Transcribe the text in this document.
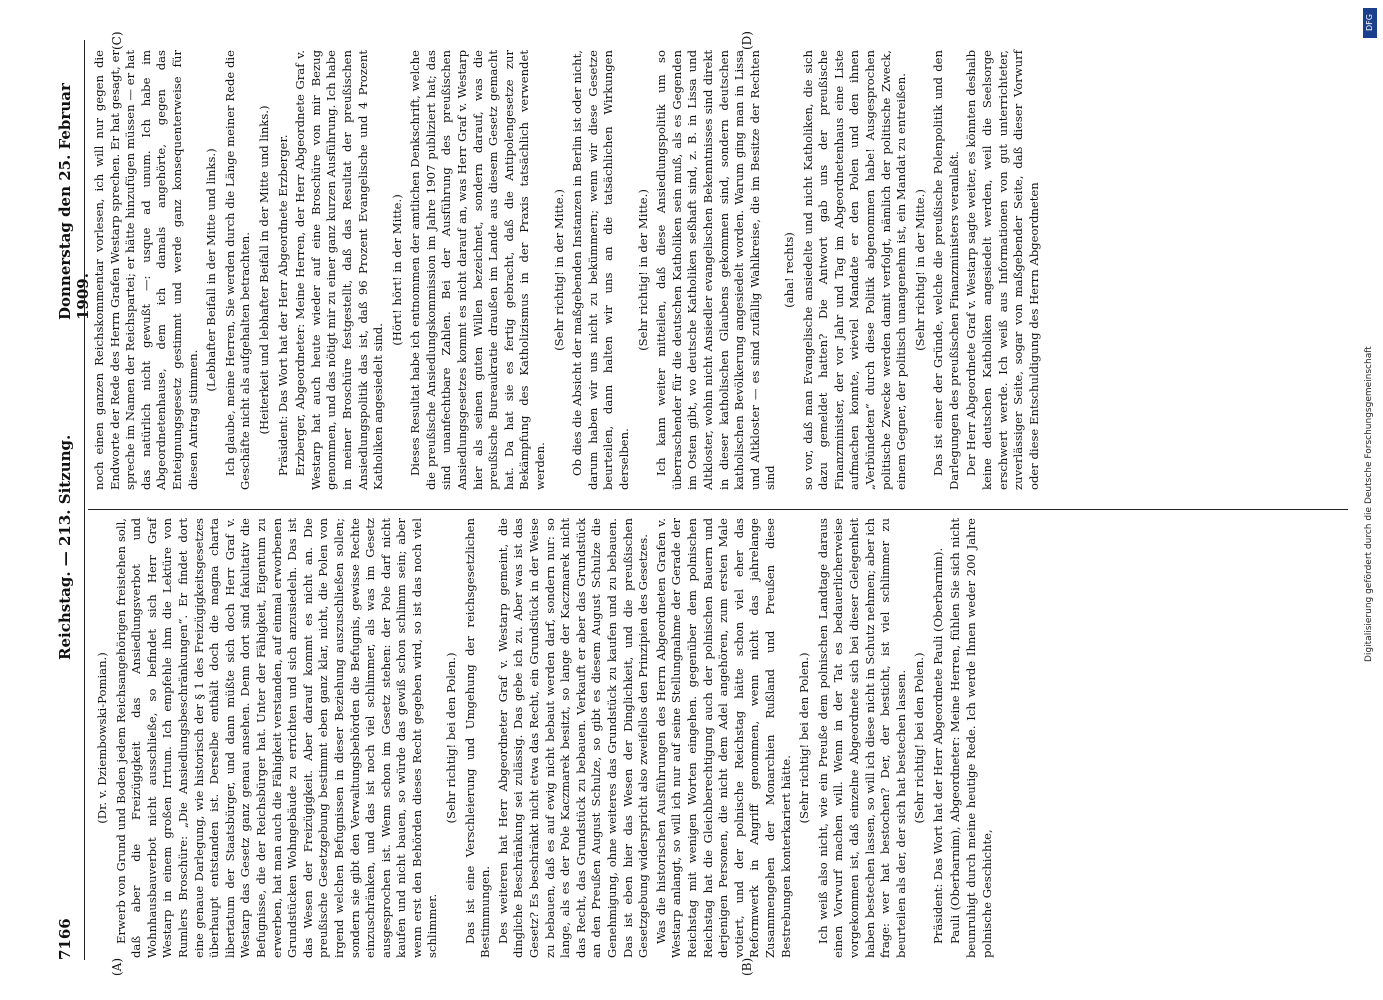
7166
Reichstag. — 213. Sitzung.
Donnerstag den 25. Februar 1909.

(Dr. v. Dziembowski-Pomian.) Erwerb von Grund und Boden jedem Reichsangehörigen freistehen soll, daß aber die Freizügigkeit das Ansiedlungsverbot und Wohnhausbauverbot nicht ausschließe, so befindet sich Herr Graf Westarp in einem großen Irrtum. Ich empfehle ihm die Lektüre von Rumlers Broschüre: „Die Ansiedlungsbeschränkungen“. Er findet dort eine genaue Darlegung, wie historisch der § 1 des Freizügigkeitsgesetzes überhaupt entstanden ist. Derselbe enthält doch die magna charta libertatum der Staatsbürger, und dann müßte sich doch Herr Graf v. Westarp das Gesetz ganz genau ansehen. Denn dort sind fakultativ die Befugnisse, die der Reichsbürger hat. Unter der Fähigkeit, Eigentum zu erwerben, hat man auch die Fähigkeit verstanden, auf einmal erworbenen Grundstücken Wohngebäude zu errichten und sich anzusiedeln. Das ist das Wesen der Freizügigkeit. Aber darauf kommt es nicht an. Die preußische Gesetzgebung bestimmt eben ganz klar, nicht, die Polen von irgend welchen Befugnissen in dieser Beziehung auszuschließen sollen; sondern sie gibt den Verwaltungsbehörden die Befugnis, gewisse Rechte einzuschränken, und das ist noch viel schlimmer, als was im Gesetz ausgesprochen ist. Wenn schon im Gesetz stehen: der Pole darf nicht kaufen und nicht bauen, so würde das gewiß schon schlimm sein; aber wenn erst den Behörden dieses Recht gegeben wird, so ist das noch viel schlimmer.

(Sehr richtig! bei den Polen.) Das ist eine Verschleierung und Umgehung der reichsgesetzlichen Bestimmungen. Des weiteren hat Herr Abgeordneter Graf v. Westarp gemeint, die dingliche Beschränkung sei zulässig. Das gebe ich zu. Aber was ist das Gesetz? Es beschränkt nicht etwa das Recht, ein Grundstück in der Weise zu bebauen, daß es auf ewig nicht bebaut werden darf, sondern nur: so lange, als es der Pole Kaczmarek besitzt, so lange der Kaczmarek nicht das Recht, das Grundstück zu bebauen. Verkauft er aber das Grundstück an den Preußen August Schulze, so gibt es diesem August Schulze die Genehmigung, ohne weiteres das Grundstück zu kaufen und zu bebauen. Das ist eben hier das Wesen der Dinglichkeit, und die preußischen Gesetzgebung widerspricht also zweifellos den Prinzipien des Gesetzes. Was die historischen Ausführungen des Herrn Abgeordneten Grafen v. Westarp anlangt, so will ich nur auf seine Stellungnahme der Gerade der Reichstag mit wenigen Worten eingehen. gegenüber dem polnischen Reichstag hat die Gleichberechtigung auch der polnischen Bauern und derjenigen Personen, die nicht dem Adel angehören, zum ersten Male votiert, und der polnische Reichstag hätte schon viel eher das Reformwerk in Angriff genommen, wenn nicht das jahrelange Zusammengehen der Monarchien Rußland und Preußen diese Bestrebungen konterkariert hätte.

(Sehr richtig! bei den Polen.) Ich weiß also nicht, wie ein Preuße dem polnischen Landtage daraus einen Vorwurf machen will. Wenn in der Tat es bedauerlicherweise vorgekommen ist, daß einzelne Abgeordnete sich bei dieser Gelegenheit haben bestechen lassen, so will ich diese nicht in Schutz nehmen; aber ich frage: wer hat bestochen? Der, der besticht, ist viel schlimmer zu beurteilen als der, der sich hat bestechen lassen. (Sehr richtig! bei den Polen.) Präsident: Das Wort hat der Herr Abgeordnete Pauli (Oberbarnim). Pauli (Oberbarnim), Abgeordneter: Meine Herren, fühlen Sie sich nicht beunruhigt durch meine heutige Rede. Ich werde Ihnen weder 200 Jahre polnische Geschichte,

noch einen ganzen Reichskommentar vorlesen, ich will nur gegen die Endworte der Rede des Herrn Grafen Westarp sprechen. Er hat gesagt, er spreche im Namen der Reichspartei; er hätte hinzufügen müssen — er hat das natürlich nicht gewußt —: usque ad unum. Ich habe im Abgeordnetenhause, dem ich damals angehörte, gegen das Enteignungsgesetz gestimmt und werde ganz konsequenterweise für diesen Antrag stimmen.

(Lebhafter Beifall in der Mitte und links.) Ich glaube, meine Herren, Sie werden durch die Länge meiner Rede die Geschäfte nicht als aufgehalten betrachten. (Heiterkeit und lebhafter Beifall in der Mitte und links.) Präsident: Das Wort hat der Herr Abgeordnete Erzberger. Erzberger, Abgeordneter: Meine Herren, der Herr Abgeordnete Graf v. Westarp hat auch heute wieder auf eine Broschüre von mir Bezug genommen, und das nötigt mir zu einer ganz kurzen Ausführung. Ich habe in meiner Broschüre festgestellt, daß das Resultat der preußischen Ansiedlungspolitik das ist, daß 96 Prozent Evangelische und 4 Prozent Katholiken angesiedelt sind.

(Hört! hört! in der Mitte.) Dieses Resultat habe ich entnommen der amtlichen Denkschrift, welche die preußische Ansiedlungskommission im Jahre 1907 publiziert hat; das sind unanfechtbare Zahlen. Bei der Ausführung des preußischen Ansiedlungsgesetzes kommt es nicht darauf an, was Herr Graf v. Westarp hier als seinen guten Willen bezeichnet, sondern darauf, was die preußische Bureaukratie draußen im Lande aus diesem Gesetz gemacht hat. Da hat sie es fertig gebracht, daß die Antipolengesetze zur Bekämpfung des Katholizismus in der Praxis tatsächlich verwendet werden.

(Sehr richtig! in der Mitte.) Ob dies die Absicht der maßgebenden Instanzen in Berlin ist oder nicht, darum haben wir uns nicht zu bekümmern; wenn wir diese Gesetze beurteilen, dann halten wir uns an die tatsächlichen Wirkungen derselben.

(Sehr richtig! in der Mitte.) Ich kann weiter mitteilen, daß diese Ansiedlungspolitik um so überraschender für die deutschen Katholiken sein muß, als es Gegenden im Osten gibt, wo deutsche Katholiken seßhaft sind, z. B. in Lissa und Altkloster, wohin nicht Ansiedler evangelischen Bekenntnisses sind direkt in dieser katholischen Glaubens gekommen sind, sondern deutschen katholischen Bevölkerung angesiedelt worden. Warum ging man in Lissa und Altkloster — es sind zufällig Wahlkreise, die im Besitze der Rechten sind

(aha! rechts) so vor, daß man Evangelische ansiedelte und nicht Katholiken, die sich dazu gemeldet hatten? Die Antwort gab uns der preußische Finanzminister, der vor Jahr und Tag im Abgeordnetenhaus eine Liste aufmachen konnte, wieviel Mandate er den Polen und den ihnen „Verbündeten“ durch diese Politik abgenommen habe! Ausgesprochen politische Zwecke werden damit verfolgt, nämlich der politische Zweck, einem Gegner, der politisch unangenehm ist, ein Mandat zu entreißen. (Sehr richtig! in der Mitte.) Das ist einer der Gründe, welche die preußische Polenpolitik und den Darlegungen des preußischen Finanzministers veranlaßt. Der Herr Abgeordnete Graf v. Westarp sagte weiter, es könnten deshalb keine deutschen Katholiken angesiedelt werden, weil die Seelsorge erschwert werde. Ich weiß aus Informationen von gut unterrichteter, zuverlässiger Seite, sogar von maßgebender Seite, daß dieser Vorwurf oder diese Entschuldigung des Herrn Abgeordneten

(A)	(B)
(C)	(D)
DFG
Digitalisierung gefördert durch die Deutsche Forschungsgemeinschaft
